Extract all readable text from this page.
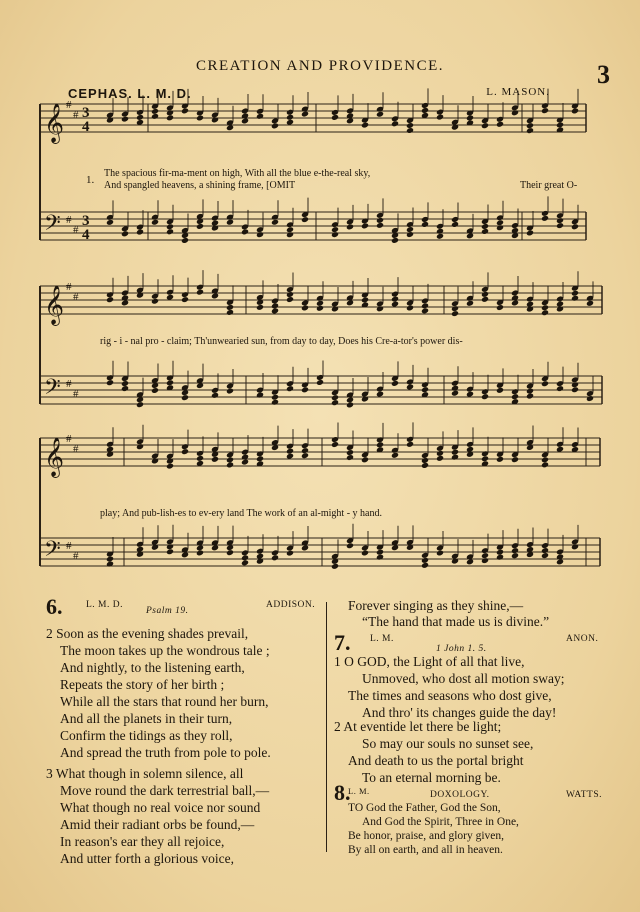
CREATION AND PROVIDENCE.	3
CEPHAS. L. M. D.	L. MASON.
𝄞
𝄢
#
#
#
#
3
3
4
4
𝄞
𝄢
#
#
#
#
𝄞
𝄢
#
#
#
#
1.
The spacious fir-ma-ment on high, With all the blue e-the-real sky,
And spangled heavens, a shining frame, [OMIT	Their great O-
rig - i - nal pro - claim; Th'unwearied sun, from day to day, Does his Cre-a-tor's power dis-
play; And pub-lish-es to ev-ery land The work of an al-might - y hand.
6. L. M. D.
Psalm 19.
ADDISON.
2 Soon as the evening shades prevail,
The moon takes up the wondrous tale ;
And nightly, to the listening earth,
Repeats the story of her birth ;
While all the stars that round her burn,
And all the planets in their turn,
Confirm the tidings as they roll,
And spread the truth from pole to pole.
3 What though in solemn silence, all
Move round the dark terrestrial ball,—
What though no real voice nor sound
Amid their radiant orbs be found,—
In reason's ear they all rejoice,
And utter forth a glorious voice,
Forever singing as they shine,—
“The hand that made us is divine.”
7. L. M.
1 John 1. 5.
ANON.
1 O GOD, the Light of all that live,
Unmoved, who dost all motion sway;
The times and seasons who dost give,
And thro' its changes guide the day!
2 At eventide let there be light;
So may our souls no sunset see,
And death to us the portal bright
To an eternal morning be.
8.
L. M.	DOXOLOGY.	WATTS.
TO God the Father, God the Son,
And God the Spirit, Three in One,
Be honor, praise, and glory given,
By all on earth, and all in heaven.
